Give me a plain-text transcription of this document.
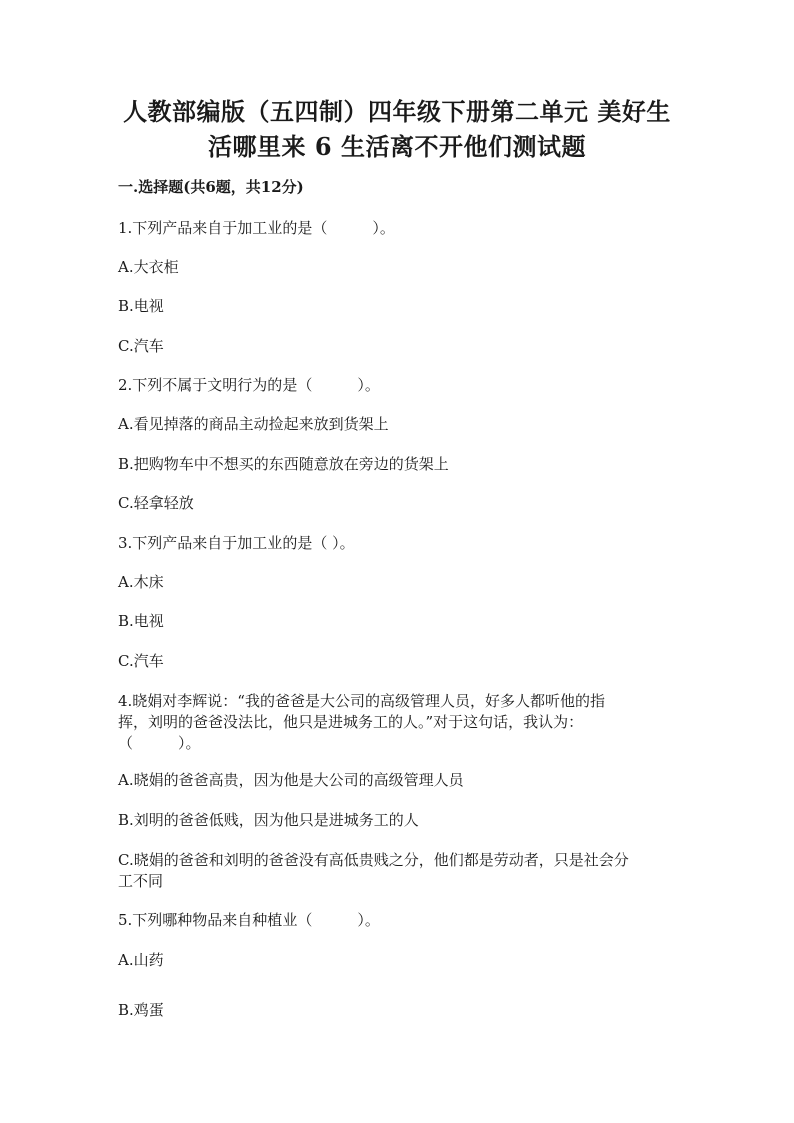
人教部编版（五四制）四年级下册第二单元 美好生
活哪里来 6 生活离不开他们测试题
一.选择题(共6题，共12分)
1.下列产品来自于加工业的是（　　　）。
A.大衣柜
B.电视
C.汽车
2.下列不属于文明行为的是（　　　）。
A.看见掉落的商品主动捡起来放到货架上
B.把购物车中不想买的东西随意放在旁边的货架上
C.轻拿轻放
3.下列产品来自于加工业的是（ ）。
A.木床
B.电视
C.汽车
4.晓娟对李辉说：“我的爸爸是大公司的高级管理人员，好多人都听他的指
挥，刘明的爸爸没法比，他只是进城务工的人。”对于这句话，我认为：
（　　　）。
A.晓娟的爸爸高贵，因为他是大公司的高级管理人员
B.刘明的爸爸低贱，因为他只是进城务工的人
C.晓娟的爸爸和刘明的爸爸没有高低贵贱之分，他们都是劳动者，只是社会分
工不同
5.下列哪种物品来自种植业（　　　）。
A.山药
B.鸡蛋
